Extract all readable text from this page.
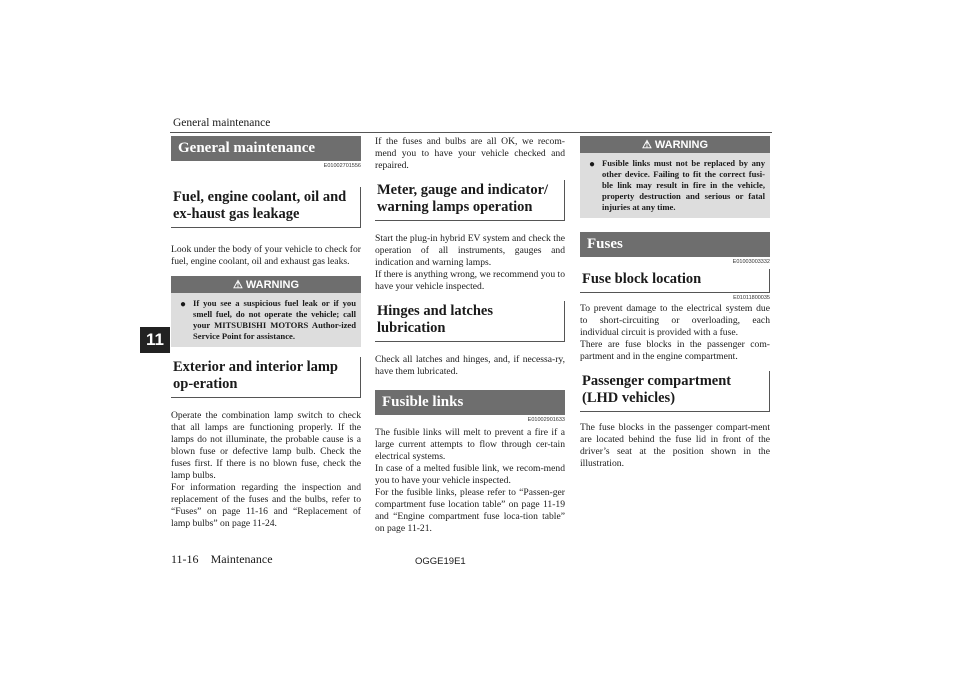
General maintenance
11
General maintenance
E01002701556
Fuel, engine coolant, oil and ex-haust gas leakage
Look under the body of your vehicle to check for fuel, engine coolant, oil and exhaust gas leaks.
⚠ WARNING
● If you see a suspicious fuel leak or if you smell fuel, do not operate the vehicle; call your MITSUBISHI MOTORS Author-ized Service Point for assistance.
Exterior and interior lamp op-eration
Operate the combination lamp switch to check that all lamps are functioning properly. If the lamps do not illuminate, the probable cause is a blown fuse or defective lamp bulb. Check the fuses first. If there is no blown fuse, check the lamp bulbs.
For information regarding the inspection and replacement of the fuses and the bulbs, refer to “Fuses” on page 11-16 and “Replacement of lamp bulbs” on page 11-24.
If the fuses and bulbs are all OK, we recom-mend you to have your vehicle checked and repaired.
Meter, gauge and indicator/ warning lamps operation
Start the plug-in hybrid EV system and check the operation of all instruments, gauges and indication and warning lamps.
If there is anything wrong, we recommend you to have your vehicle inspected.
Hinges and latches lubrication
Check all latches and hinges, and, if necessa-ry, have them lubricated.
Fusible links
E01002901633
The fusible links will melt to prevent a fire if a large current attempts to flow through cer-tain electrical systems.
In case of a melted fusible link, we recom-mend you to have your vehicle inspected.
For the fusible links, please refer to “Passen-ger compartment fuse location table” on page 11-19 and “Engine compartment fuse loca-tion table” on page 11-21.
⚠ WARNING
● Fusible links must not be replaced by any other device. Failing to fit the correct fusi-ble link may result in fire in the vehicle, property destruction and serious or fatal injuries at any time.
Fuses
E01003003332
Fuse block location
E01011800035
To prevent damage to the electrical system due to short-circuiting or overloading, each individual circuit is provided with a fuse.
There are fuse blocks in the passenger com-partment and in the engine compartment.
Passenger compartment (LHD vehicles)
The fuse blocks in the passenger compart-ment are located behind the fuse lid in front of the driver’s seat at the position shown in the illustration.
11-16 Maintenance	OGGE19E1
